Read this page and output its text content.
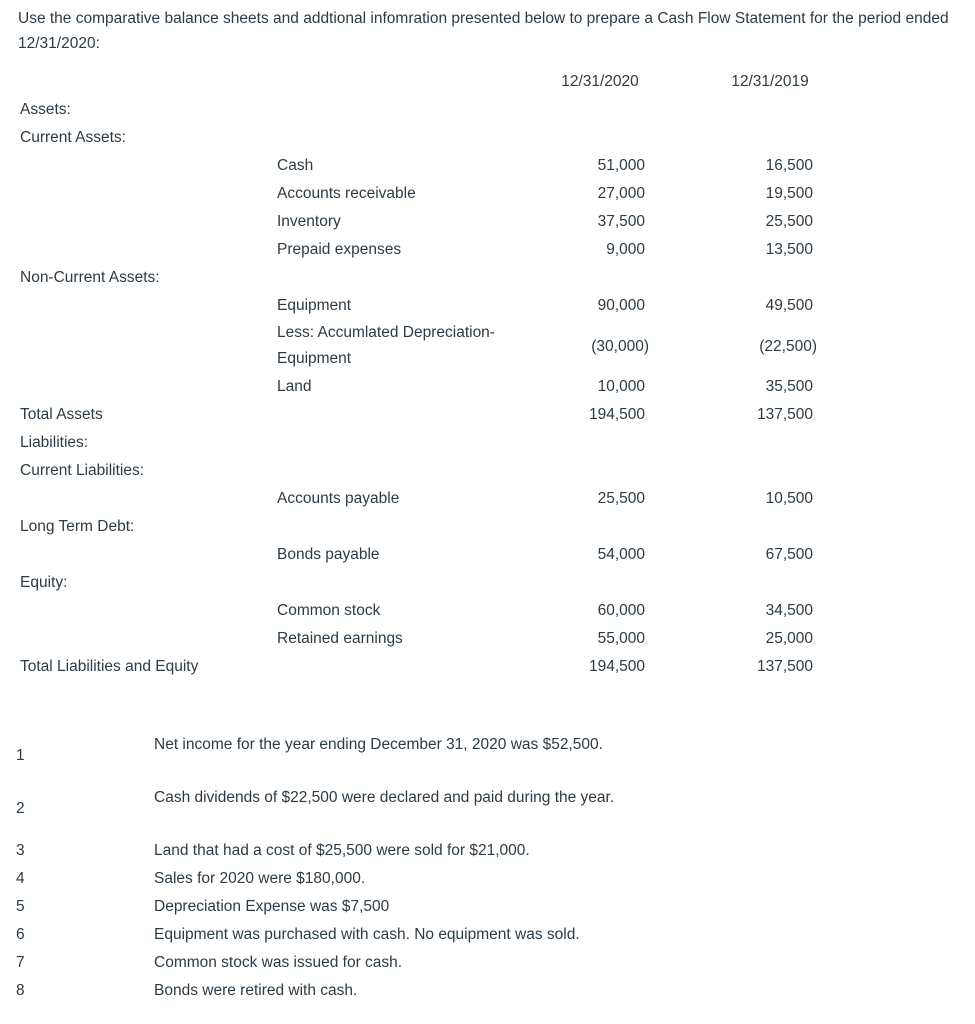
Use the comparative balance sheets and addtional infomration presented below to prepare a Cash Flow Statement for the period ended 12/31/2020:
12/31/2020	12/31/2019
Assets:
Current Assets:
Cash	51,000	16,500
Accounts receivable	27,000	19,500
Inventory	37,500	25,500
Prepaid expenses	9,000	13,500
Non-Current Assets:
Equipment	90,000	49,500
Less: Accumlated Depreciation-
Equipment
(30,000)	(22,500)
Land	10,000	35,500
Total Assets	194,500	137,500
Liabilities:
Current Liabilities:
Accounts payable	25,500	10,500
Long Term Debt:
Bonds payable	54,000	67,500
Equity:
Common stock	60,000	34,500
Retained earnings	55,000	25,000
Total Liabilities and Equity	194,500	137,500
1
Net income for the year ending December 31, 2020 was $52,500.
2
Cash dividends of $22,500 were declared and paid during the year.
3	Land that had a cost of $25,500 were sold for $21,000.
4	Sales for 2020 were $180,000.
5	Depreciation Expense was $7,500
6	Equipment was purchased with cash. No equipment was sold.
7	Common stock was issued for cash.
8	Bonds were retired with cash.
